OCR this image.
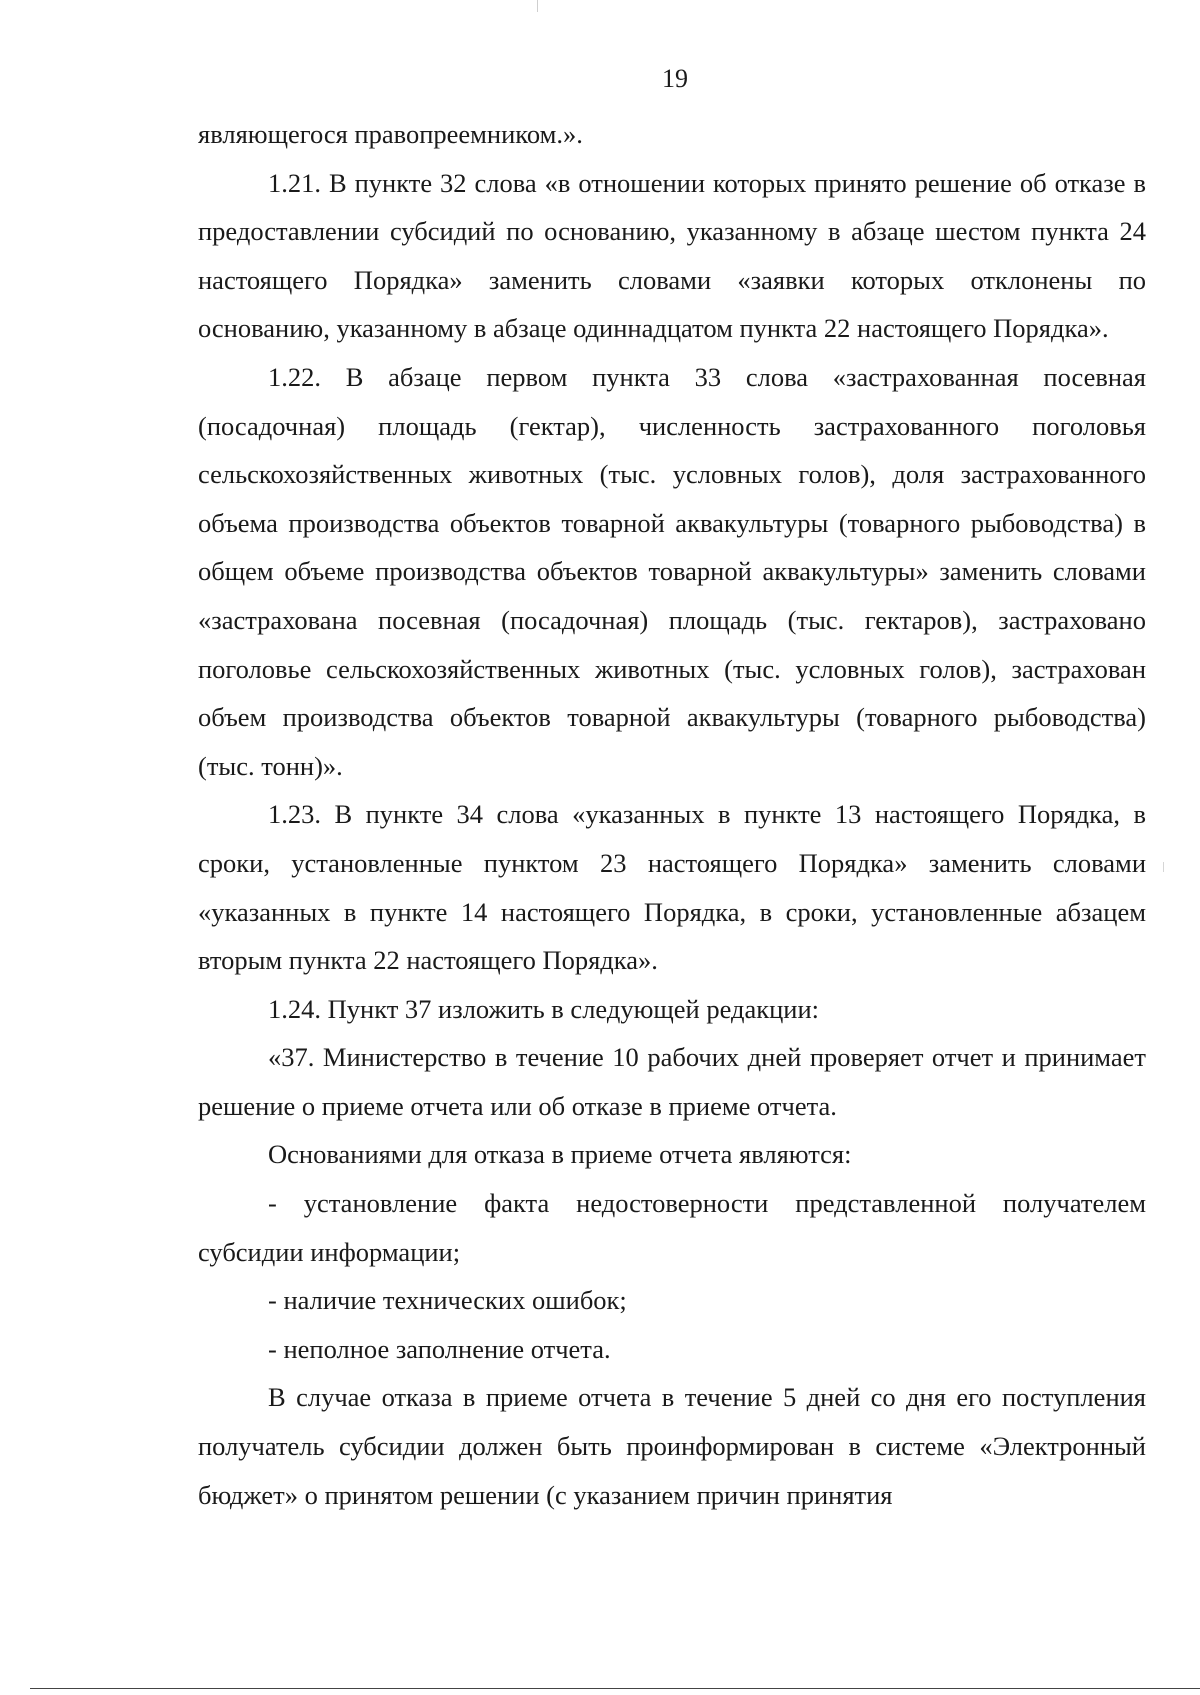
19

являющегося правопреемником.».

1.21. В пункте 32 слова «в отношении которых принято решение об отказе в предоставлении субсидий по основанию, указанному в абзаце шестом пункта 24 настоящего Порядка» заменить словами «заявки которых отклонены по основанию, указанному в абзаце одиннадцатом пункта 22 настоящего Порядка».

1.22. В абзаце первом пункта 33 слова «застрахованная посевная (посадочная) площадь (гектар), численность застрахованного поголовья сельскохозяйственных животных (тыс. условных голов), доля застрахованного объема производства объектов товарной аквакультуры (товарного рыбоводства) в общем объеме производства объектов товарной аквакультуры» заменить словами «застрахована посевная (посадочная) площадь (тыс. гектаров), застраховано поголовье сельскохозяйственных животных (тыс. условных голов), застрахован объем производства объектов товарной аквакультуры (товарного рыбоводства) (тыс. тонн)».

1.23. В пункте 34 слова «указанных в пункте 13 настоящего Порядка, в сроки, установленные пунктом 23 настоящего Порядка» заменить словами «указанных в пункте 14 настоящего Порядка, в сроки, установленные абзацем вторым пункта 22 настоящего Порядка».

1.24. Пункт 37 изложить в следующей редакции:

«37. Министерство в течение 10 рабочих дней проверяет отчет и принимает решение о приеме отчета или об отказе в приеме отчета.

Основаниями для отказа в приеме отчета являются:

- установление факта недостоверности представленной получателем субсидии информации;

- наличие технических ошибок;

- неполное заполнение отчета.

В случае отказа в приеме отчета в течение 5 дней со дня его поступления получатель субсидии должен быть проинформирован в системе «Электронный бюджет» о принятом решении (с указанием причин принятия
